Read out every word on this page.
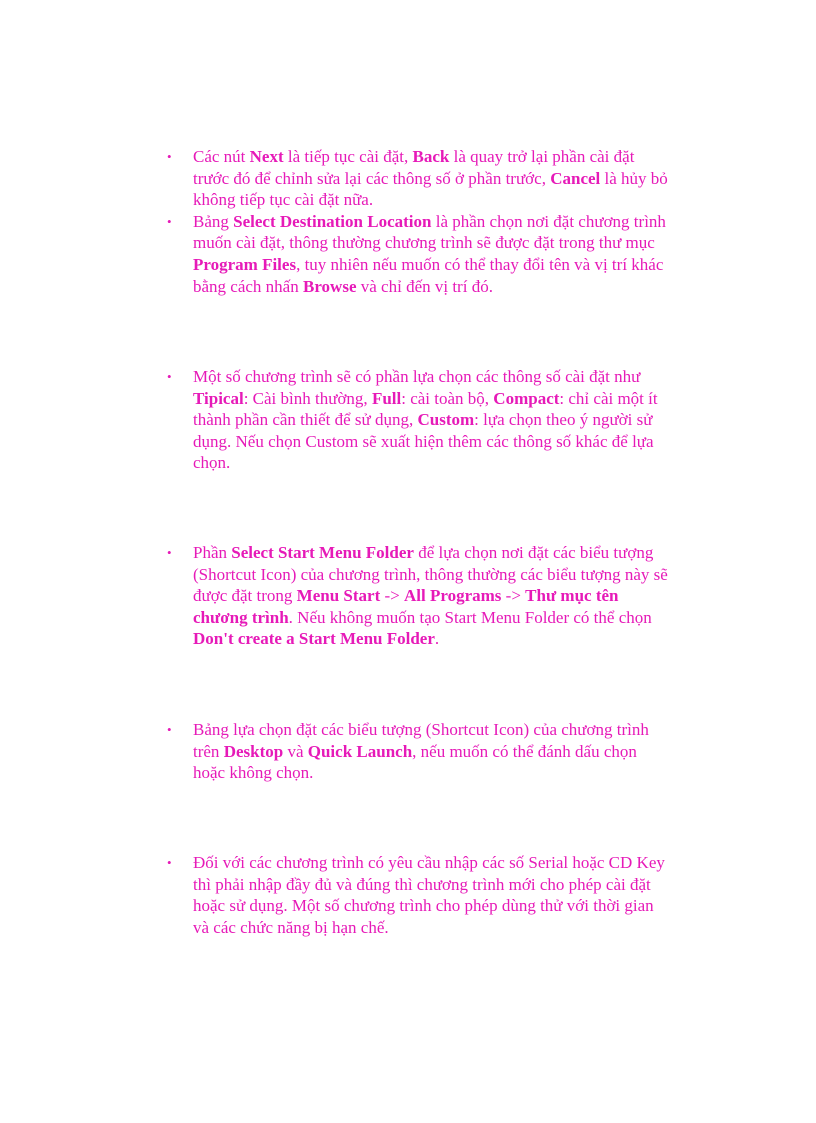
• Các nút Next là tiếp tục cài đặt, Back là quay trở lại phần cài đặt trước đó để chỉnh sửa lại các thông số ở phần trước, Cancel là hủy bỏ không tiếp tục cài đặt nữa.
• Bảng Select Destination Location là phần chọn nơi đặt chương trình muốn cài đặt, thông thường chương trình sẽ được đặt trong thư mục Program Files, tuy nhiên nếu muốn có thể thay đổi tên và vị trí khác bằng cách nhấn Browse và chỉ đến vị trí đó.
• Một số chương trình sẽ có phần lựa chọn các thông số cài đặt như Tipical: Cài bình thường, Full: cài toàn bộ, Compact: chỉ cài một ít thành phần cần thiết để sử dụng, Custom: lựa chọn theo ý người sử dụng. Nếu chọn Custom sẽ xuất hiện thêm các thông số khác để lựa chọn.
• Phần Select Start Menu Folder để lựa chọn nơi đặt các biểu tượng (Shortcut Icon) của chương trình, thông thường các biểu tượng này sẽ được đặt trong Menu Start -> All Programs -> Thư mục tên chương trình. Nếu không muốn tạo Start Menu Folder có thể chọn Don't create a Start Menu Folder.
• Bảng lựa chọn đặt các biểu tượng (Shortcut Icon) của chương trình trên Desktop và Quick Launch, nếu muốn có thể đánh dấu chọn hoặc không chọn.
• Đối với các chương trình có yêu cầu nhập các số Serial hoặc CD Key thì phải nhập đầy đủ và đúng thì chương trình mới cho phép cài đặt hoặc sử dụng. Một số chương trình cho phép dùng thử với thời gian và các chức năng bị hạn chế.
